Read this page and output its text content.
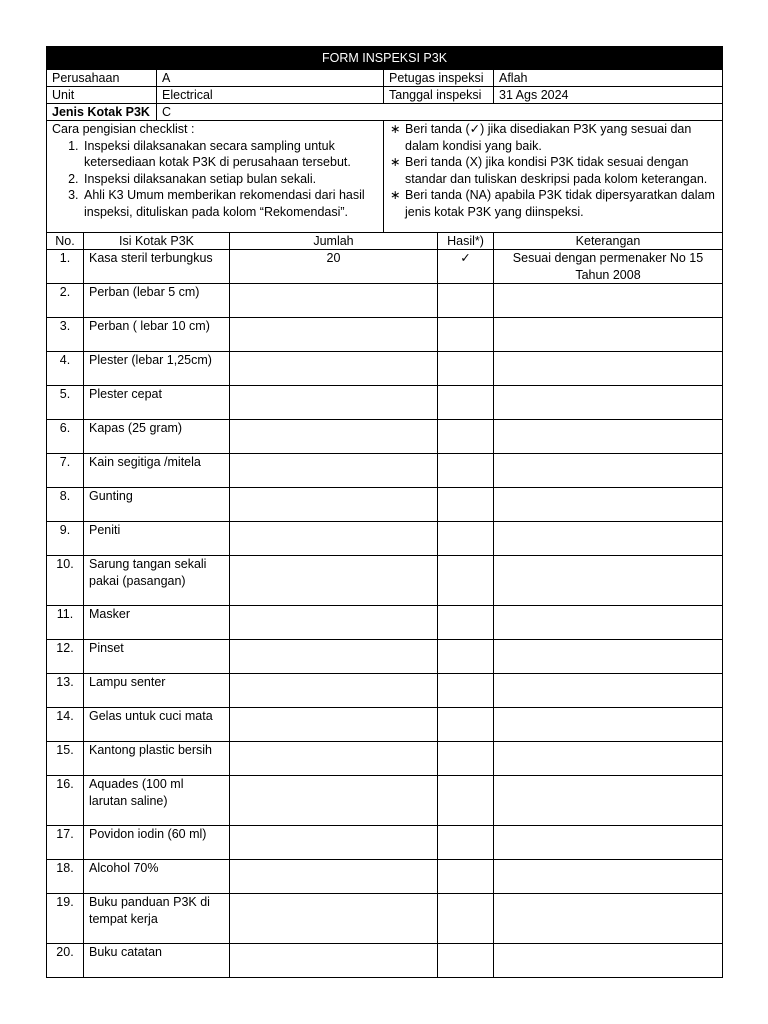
FORM INSPEKSI P3K			
Perusahaan	A	Petugas inspeksi	Aflah
Unit	Electrical	Tanggal inspeksi	31 Ags 2024
Jenis Kotak P3K	C		
Cara pengisian checklist :
1. Inspeksi dilaksanakan secara sampling untuk ketersediaan kotak P3K di perusahaan tersebut.
2. Inspeksi dilaksanakan setiap bulan sekali.
3. Ahli K3 Umum memberikan rekomendasi dari hasil inspeksi, dituliskan pada kolom “Rekomendasi”.

∗ Beri tanda (✓) jika disediakan P3K yang sesuai dan dalam kondisi yang baik.
∗ Beri tanda (X) jika kondisi P3K tidak sesuai dengan standar dan tuliskan deskripsi pada kolom keterangan.
∗ Beri tanda (NA) apabila P3K tidak dipersyaratkan dalam jenis kotak P3K yang diinspeksi.
No.	Isi Kotak P3K	Jumlah	Hasil*)	Keterangan
1.	Kasa steril terbungkus	20	✓	Sesuai dengan permenaker No 15 Tahun 2008
2.	Perban (lebar 5 cm)			
3.	Perban ( lebar 10 cm)			
4.	Plester (lebar 1,25cm)			
5.	Plester cepat			
6.	Kapas (25 gram)			
7.	Kain segitiga /mitela			
8.	Gunting			
9.	Peniti			
10.	Sarung tangan sekali pakai (pasangan)			
11.	Masker			
12.	Pinset			
13.	Lampu senter			
14.	Gelas untuk cuci mata			
15.	Kantong plastic bersih			
16.	Aquades (100 ml larutan saline)			
17.	Povidon iodin (60 ml)			
18.	Alcohol 70%			
19.	Buku panduan P3K di tempat kerja			
20.	Buku catatan			
